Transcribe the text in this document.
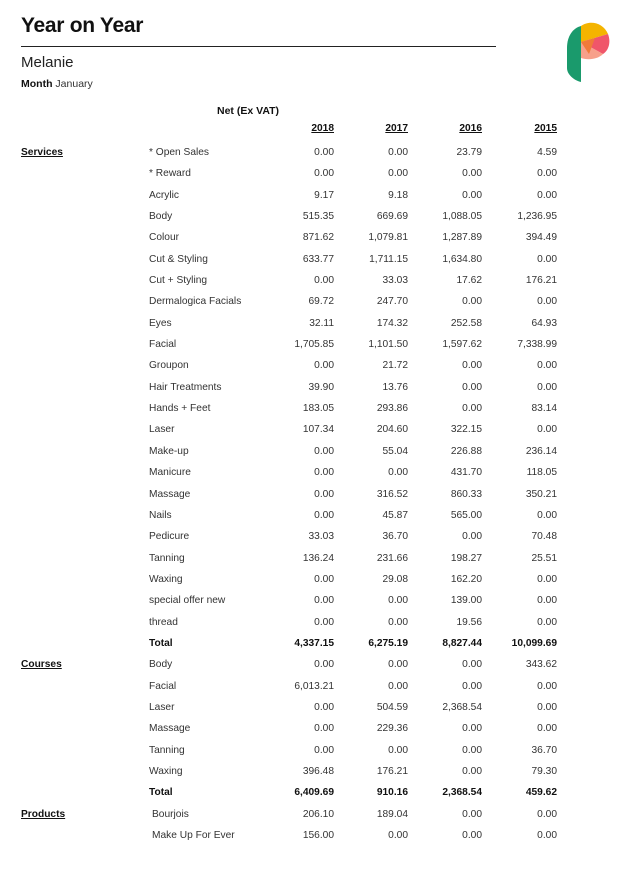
Year on Year
Melanie
Month January
Net (Ex VAT)
2018	2017	2016	2015
Services	* Open Sales	0.00	0.00	23.79	4.59
* Reward	0.00	0.00	0.00	0.00
Acrylic	9.17	9.18	0.00	0.00
Body	515.35	669.69	1,088.05	1,236.95
Colour	871.62	1,079.81	1,287.89	394.49
Cut & Styling	633.77	1,711.15	1,634.80	0.00
Cut + Styling	0.00	33.03	17.62	176.21
Dermalogica Facials	69.72	247.70	0.00	0.00
Eyes	32.11	174.32	252.58	64.93
Facial	1,705.85	1,101.50	1,597.62	7,338.99
Groupon	0.00	21.72	0.00	0.00
Hair Treatments	39.90	13.76	0.00	0.00
Hands + Feet	183.05	293.86	0.00	83.14
Laser	107.34	204.60	322.15	0.00
Make-up	0.00	55.04	226.88	236.14
Manicure	0.00	0.00	431.70	118.05
Massage	0.00	316.52	860.33	350.21
Nails	0.00	45.87	565.00	0.00
Pedicure	33.03	36.70	0.00	70.48
Tanning	136.24	231.66	198.27	25.51
Waxing	0.00	29.08	162.20	0.00
special offer new	0.00	0.00	139.00	0.00
thread	0.00	0.00	19.56	0.00
Total	4,337.15	6,275.19	8,827.44	10,099.69
Courses	Body	0.00	0.00	0.00	343.62
Facial	6,013.21	0.00	0.00	0.00
Laser	0.00	504.59	2,368.54	0.00
Massage	0.00	229.36	0.00	0.00
Tanning	0.00	0.00	0.00	36.70
Waxing	396.48	176.21	0.00	79.30
Total	6,409.69	910.16	2,368.54	459.62
Products	Bourjois	206.10	189.04	0.00	0.00
Make Up For Ever	156.00	0.00	0.00	0.00
